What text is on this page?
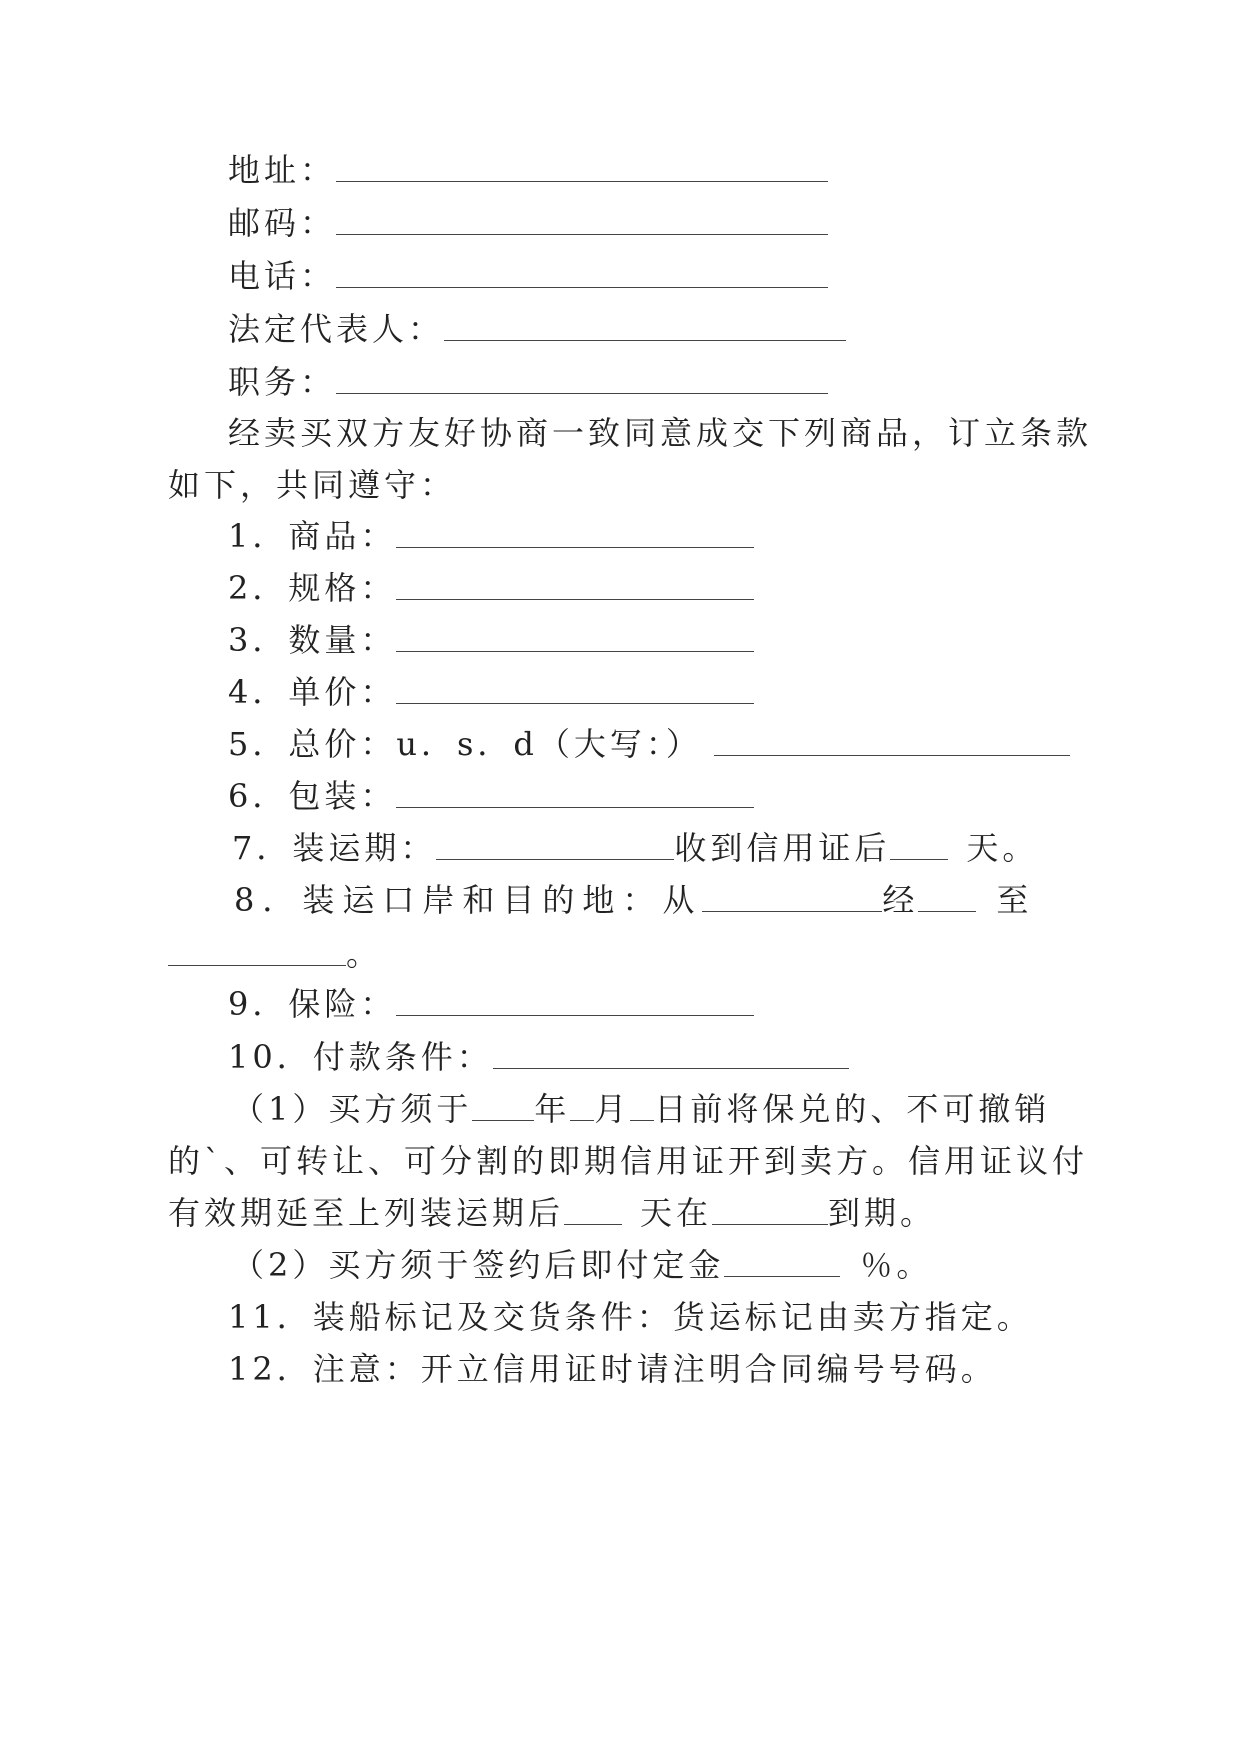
地址：
邮码：
电话：
法定代表人：
职务：
经卖买双方友好协商一致同意成交下列商品，订立条款
如下，共同遵守：
1．商品：
2．规格：
3．数量：
4．单价：
5．总价：u．s．d（大写：）
6．包装：
7．装运期：	收到信用证后 天。
8．装运口岸和目的地：从	经 至
。
9．保险：
10．付款条件：
（1）买方须于 年 月 日前将保兑的、不可撤销
的`、可转让、可分割的即期信用证开到卖方。信用证议付
有效期延至上列装运期后 天在	到期。
（2）买方须于签约后即付定金	％。
11．装船标记及交货条件：货运标记由卖方指定。
12．注意：开立信用证时请注明合同编号号码。
